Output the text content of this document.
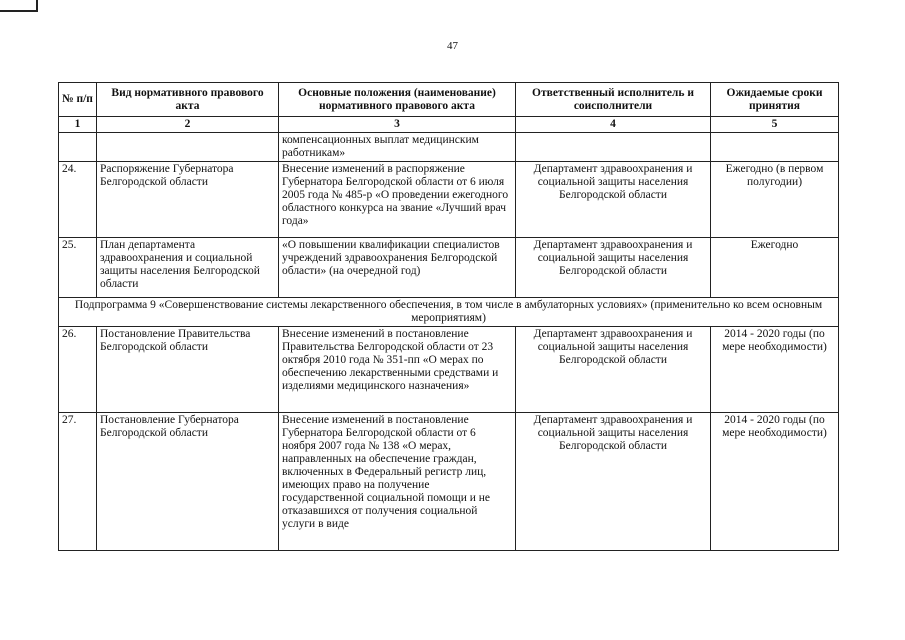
47
№ п/п	Вид нормативного правового акта	Основные положения (наименование) нормативного правового акта	Ответственный исполнитель и соисполнители	Ожидаемые сроки принятия
1	2	3	4	5
		компенсационных выплат медицинским работникам»		
24.	Распоряжение Губернатора Белгородской области	Внесение изменений в распоряжение Губернатора Белгородской области от 6 июля 2005 года № 485-р «О проведении ежегодного областного конкурса на звание «Лучший врач года»	Департамент здравоохранения и социальной защиты населения Белгородской области	Ежегодно (в первом полугодии)
25.	План департамента здравоохранения и социальной защиты населения Белгородской области	«О повышении квалификации специалистов учреждений здравоохранения Белгородской области» (на очередной год)	Департамент здравоохранения и социальной защиты населения Белгородской области	Ежегодно
Подпрограмма 9 «Совершенствование системы лекарственного обеспечения, в том числе в амбулаторных условиях» (применительно ко всем основным мероприятиям)				
26.	Постановление Правительства Белгородской области	Внесение изменений в постановление Правительства Белгородской области от 23 октября 2010 года № 351-пп «О мерах по обеспечению лекарственными средствами и изделиями медицинского назначения»	Департамент здравоохранения и социальной защиты населения Белгородской области	2014 - 2020 годы (по мере необходимости)
27.	Постановление Губернатора Белгородской области	Внесение изменений в постановление Губернатора Белгородской области от 6 ноября 2007 года № 138 «О мерах, направленных на обеспечение граждан, включенных в Федеральный регистр лиц, имеющих право на получение государственной социальной помощи и не отказавшихся от получения социальной услуги в виде	Департамент здравоохранения и социальной защиты населения Белгородской области	2014 - 2020 годы (по мере необходимости)
